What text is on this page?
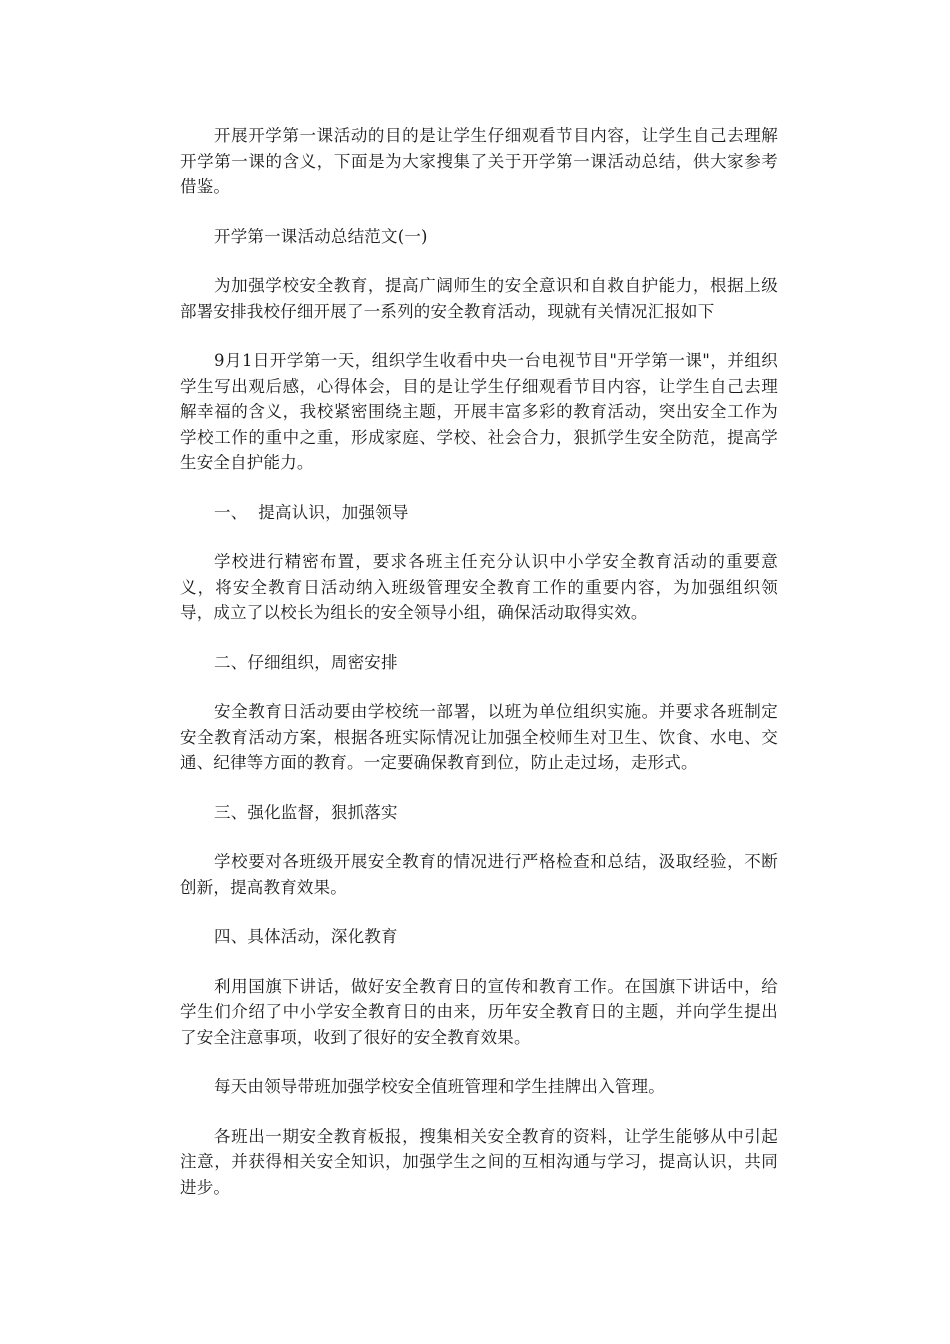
开展开学第一课活动的目的是让学生仔细观看节目内容，让学生自己去理解开学第一课的含义，下面是为大家搜集了关于开学第一课活动总结，供大家参考借鉴。

开学第一课活动总结范文(一)

为加强学校安全教育，提高广阔师生的安全意识和自救自护能力，根据上级部署安排我校仔细开展了一系列的安全教育活动，现就有关情况汇报如下

9月1日开学第一天，组织学生收看中央一台电视节目"开学第一课"，并组织学生写出观后感，心得体会，目的是让学生仔细观看节目内容，让学生自己去理解幸福的含义，我校紧密围绕主题，开展丰富多彩的教育活动，突出安全工作为学校工作的重中之重，形成家庭、学校、社会合力，狠抓学生安全防范，提高学生安全自护能力。

一、  提高认识，加强领导

学校进行精密布置，要求各班主任充分认识中小学安全教育活动的重要意义，将安全教育日活动纳入班级管理安全教育工作的重要内容，为加强组织领导，成立了以校长为组长的安全领导小组，确保活动取得实效。

二、仔细组织，周密安排

安全教育日活动要由学校统一部署，以班为单位组织实施。并要求各班制定安全教育活动方案，根据各班实际情况让加强全校师生对卫生、饮食、水电、交通、纪律等方面的教育。一定要确保教育到位，防止走过场，走形式。

三、强化监督，狠抓落实

学校要对各班级开展安全教育的情况进行严格检查和总结，汲取经验，不断创新，提高教育效果。

四、具体活动，深化教育

利用国旗下讲话，做好安全教育日的宣传和教育工作。在国旗下讲话中，给学生们介绍了中小学安全教育日的由来，历年安全教育日的主题，并向学生提出了安全注意事项，收到了很好的安全教育效果。

每天由领导带班加强学校安全值班管理和学生挂牌出入管理。

各班出一期安全教育板报，搜集相关安全教育的资料，让学生能够从中引起注意，并获得相关安全知识，加强学生之间的互相沟通与学习，提高认识，共同进步。
